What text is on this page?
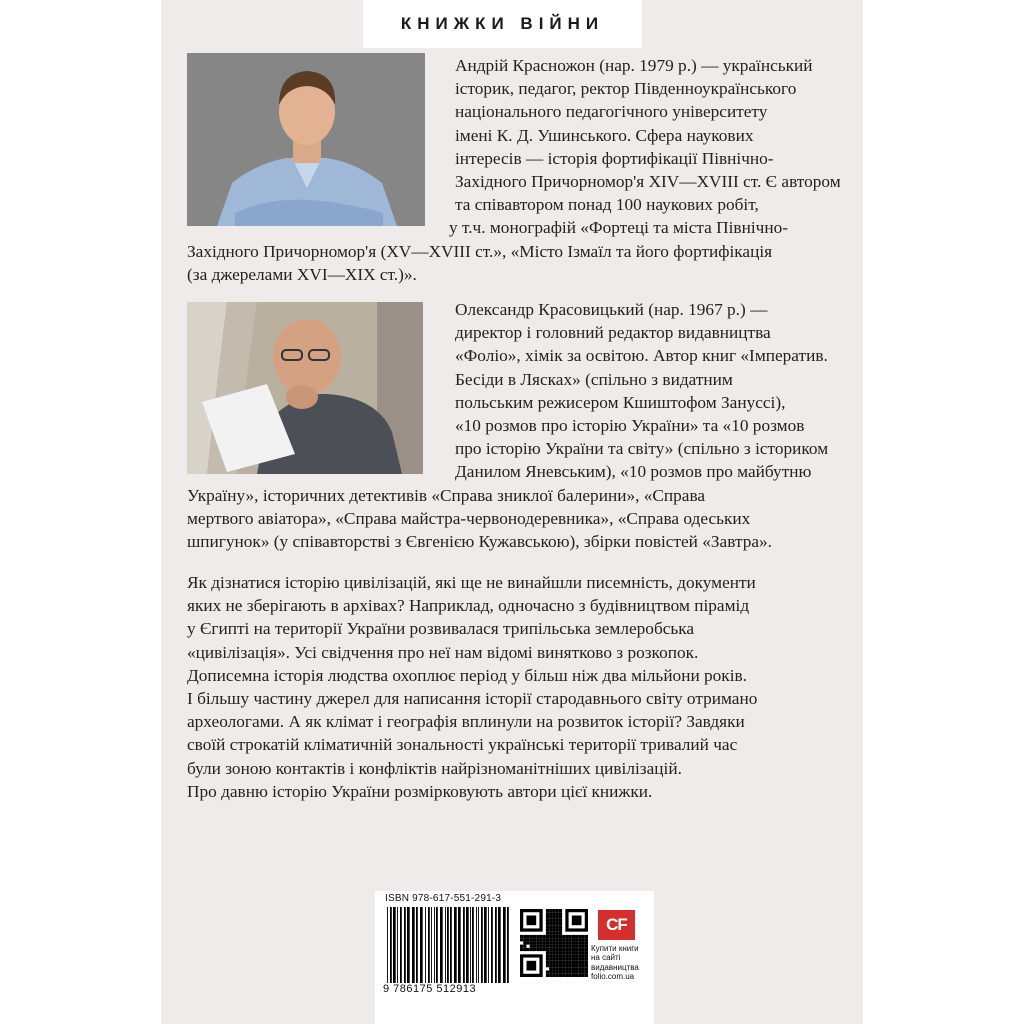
КНИЖКИ ВІЙНИ

Андрій Красножон (нар. 1979 р.) — український
історик, педагог, ректор Південноукраїнського
національного педагогічного університету
імені К. Д. Ушинського. Сфера наукових
інтересів — історія фортифікації Північно-
Західного Причорномор'я XIV—XVIII ст. Є автором
та співавтором понад 100 наукових робіт,
у т.ч. монографій «Фортеці та міста Північно-
Західного Причорномор'я (XV—XVIII ст.», «Місто Ізмаїл та його фортифікація
(за джерелами XVI—XIX ст.)».

Олександр Красовицький (нар. 1967 р.) —
директор і головний редактор видавництва
«Фоліо», хімік за освітою. Автор книг «Імператив.
Бесіди в Лясках» (спільно з видатним
польським режисером Кшиштофом Зануссі),
«10 розмов про історію України» та «10 розмов
про історію України та світу» (спільно з істориком
Данилом Яневським), «10 розмов про майбутню
Україну», історичних детективів «Справа зниклої балерини», «Справа
мертвого авіатора», «Справа майстра-червонодеревника», «Справа одеських
шпигунок» (у співавторстві з Євгенією Кужавською), збірки повістей «Завтра».

Як дізнатися історію цивілізацій, які ще не винайшли писемність, документи
яких не зберігають в архівах? Наприклад, одночасно з будівництвом пірамід
у Єгипті на території України розвивалася трипільська землеробська
«цивілізація». Усі свідчення про неї нам відомі винятково з розкопок.
Дописемна історія людства охоплює період у більш ніж два мільйони років.
І більшу частину джерел для написання історії стародавнього світу отримано
археологами. А як клімат і географія вплинули на розвиток історії? Завдяки
своїй строкатій кліматичній зональності українські території тривалий час
були зоною контактів і конфліктів найрізноманітніших цивілізацій.
Про давню історію України розмірковують автори цієї книжки.

ISBN 978-617-551-291-3
9 786175 512913
CF
Купити книги
на сайті
видавництва
folio.com.ua
